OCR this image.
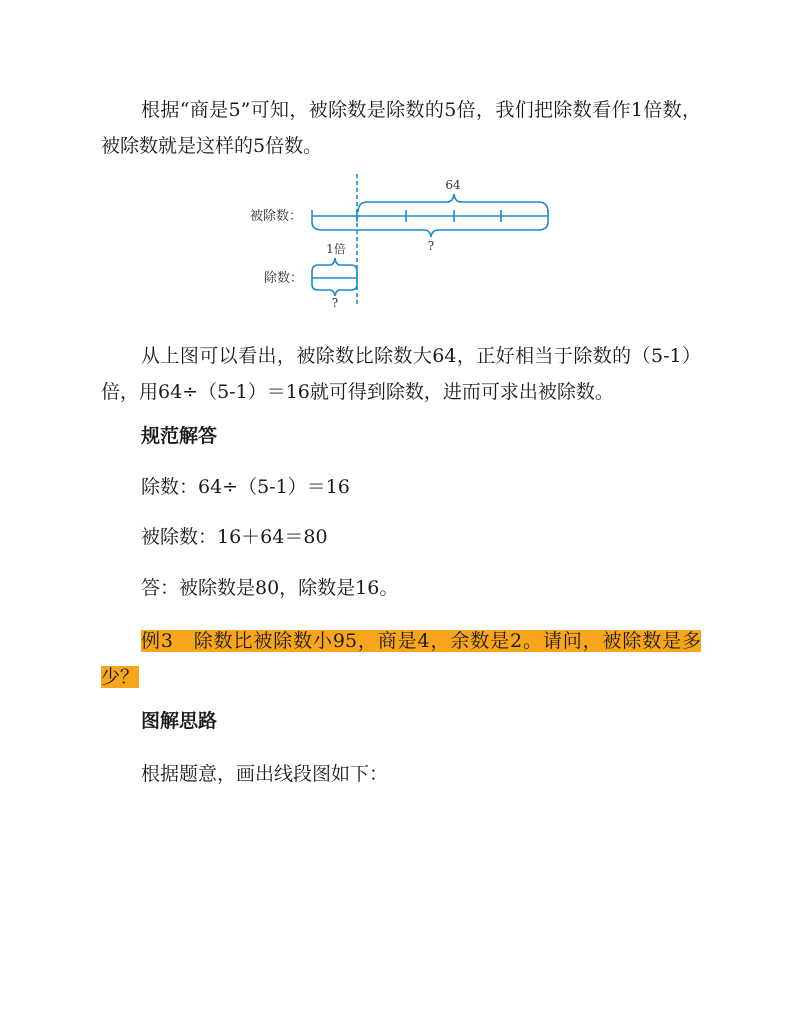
根据“商是5”可知，被除数是除数的5倍，我们把除数看作1倍数，被除数就是这样的5倍数。

被除数：
除数：
64
?
1倍
?

从上图可以看出，被除数比除数大64，正好相当于除数的（5-1）倍，用64÷（5-1）＝16就可得到除数，进而可求出被除数。

规范解答

除数：64÷（5-1）＝16

被除数：16＋64＝80

答：被除数是80，除数是16。

例3　除数比被除数小95，商是4，余数是2。请问，被除数是多少？

图解思路

根据题意，画出线段图如下：
